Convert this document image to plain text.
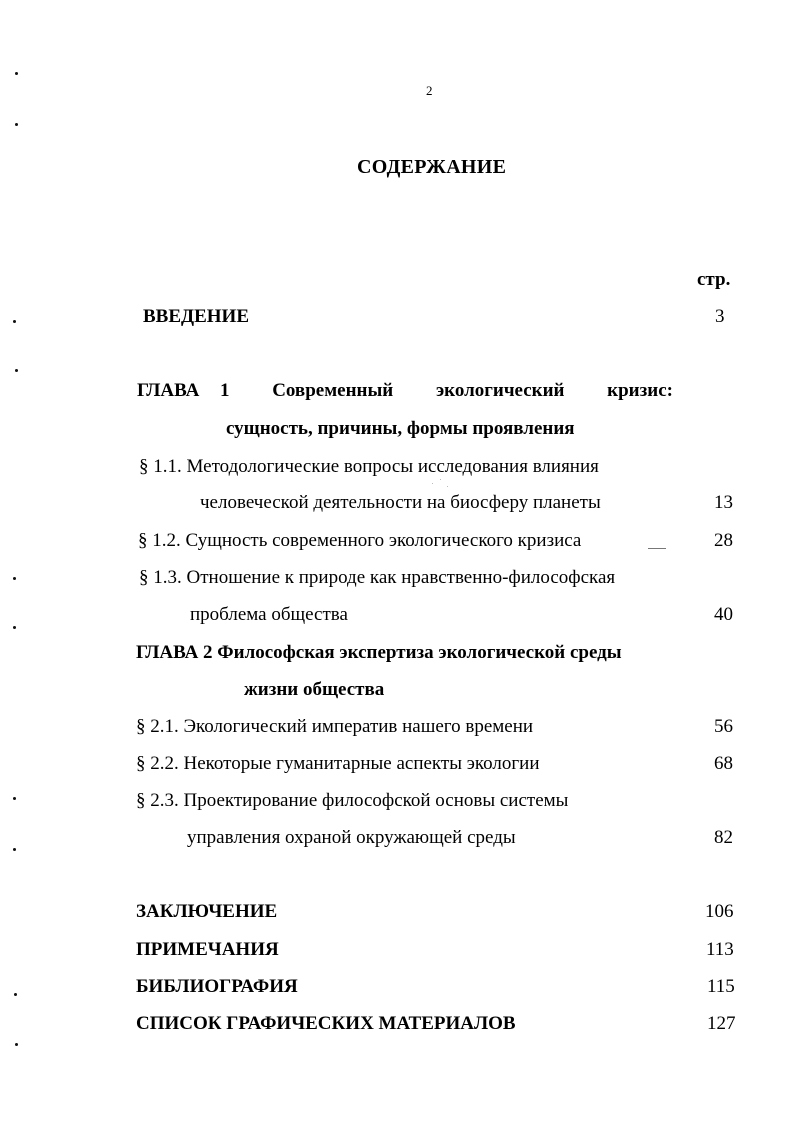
2
СОДЕРЖАНИЕ
стр.
ВВЕДЕНИЕ	3
ГЛАВА 1 Современный экологический кризис:
сущность, причины, формы проявления
§ 1.1. Методологические вопросы исследования влияния
человеческой деятельности на биосферу планеты	13
§ 1.2. Сущность современного экологического кризиса	28
§ 1.3. Отношение к природе как нравственно-философская
проблема общества	40
ГЛАВА 2 Философская экспертиза экологической среды
жизни общества
§ 2.1. Экологический императив нашего времени	56
§ 2.2. Некоторые гуманитарные аспекты экологии	68
§ 2.3. Проектирование философской основы системы
управления охраной окружающей среды	82
ЗАКЛЮЧЕНИЕ	106
ПРИМЕЧАНИЯ	113
БИБЛИОГРАФИЯ	115
СПИСОК ГРАФИЧЕСКИХ МАТЕРИАЛОВ	127
